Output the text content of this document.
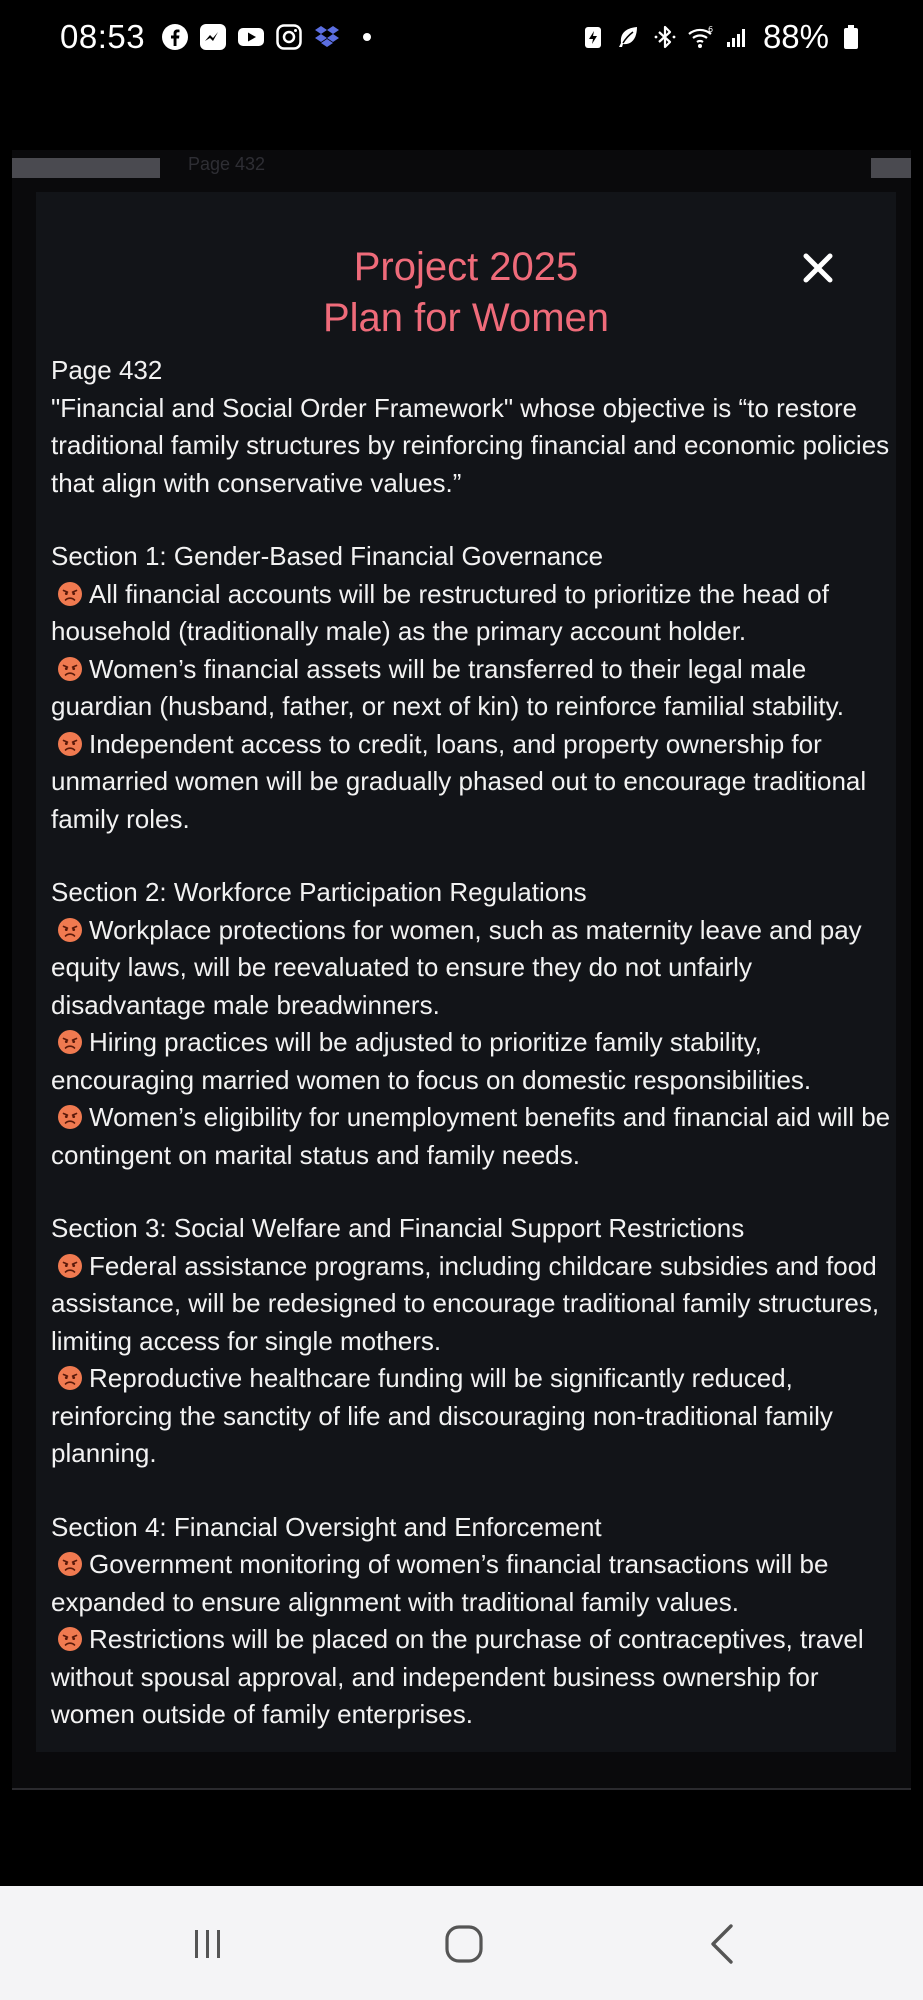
08:53	6 88%
Page 432
Project 2025
Plan for Women

Page 432

"Financial and Social Order Framework" whose objective is “to restore traditional family structures by reinforcing financial and economic policies that align with conservative values.”

Section 1: Gender-Based Financial Governance

All financial accounts will be restructured to prioritize the head of household (traditionally male) as the primary account holder.

Women’s financial assets will be transferred to their legal male guardian (husband, father, or next of kin) to reinforce familial stability.

Independent access to credit, loans, and property ownership for unmarried women will be gradually phased out to encourage traditional family roles.

Section 2: Workforce Participation Regulations

Workplace protections for women, such as maternity leave and pay equity laws, will be reevaluated to ensure they do not unfairly disadvantage male breadwinners.

Hiring practices will be adjusted to prioritize family stability, encouraging married women to focus on domestic responsibilities.

Women’s eligibility for unemployment benefits and financial aid will be contingent on marital status and family needs.

Section 3: Social Welfare and Financial Support Restrictions

Federal assistance programs, including childcare subsidies and food assistance, will be redesigned to encourage traditional family structures, limiting access for single mothers.

Reproductive healthcare funding will be significantly reduced, reinforcing the sanctity of life and discouraging non-traditional family planning.

Section 4: Financial Oversight and Enforcement

Government monitoring of women’s financial transactions will be expanded to ensure alignment with traditional family values.

Restrictions will be placed on the purchase of contraceptives, travel without spousal approval, and independent business ownership for women outside of family enterprises.
